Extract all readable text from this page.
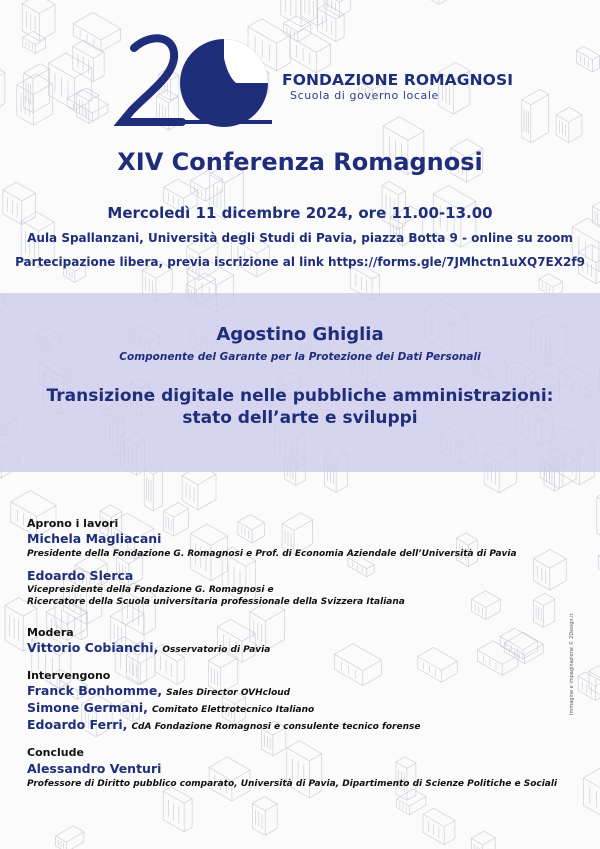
FONDAZIONE ROMAGNOSI
Scuola di governo locale
XIV Conferenza Romagnosi
Mercoledì 11 dicembre 2024, ore 11.00-13.00
Aula Spallanzani, Università degli Studi di Pavia, piazza Botta 9 - online su zoom
Partecipazione libera, previa iscrizione al link https://forms.gle/7JMhctn1uXQ7EX2f9
Agostino Ghiglia
Componente del Garante per la Protezione dei Dati Personali
Transizione digitale nelle pubbliche amministrazioni:
stato dell’arte e sviluppi
Aprono i lavori
Michela Magliacani
Presidente della Fondazione G. Romagnosi e Prof. di Economia Aziendale dell’Università di Pavia
Edoardo Slerca
Vicepresidente della Fondazione G. Romagnosi e
Ricercatore della Scuola universitaria professionale della Svizzera Italiana
Modera
Vittorio Cobianchi, Osservatorio di Pavia
Intervengono
Franck Bonhomme, Sales Director OVHcloud
Simone Germani, Comitato Elettrotecnico Italiano
Edoardo Ferri, CdA Fondazione Romagnosi e consulente tecnico forense
Conclude
Alessandro Venturi
Professore di Diritto pubblico comparato, Università di Pavia, Dipartimento di Scienze Politiche e Sociali
Immagine e impaginazione © 2Design.it
